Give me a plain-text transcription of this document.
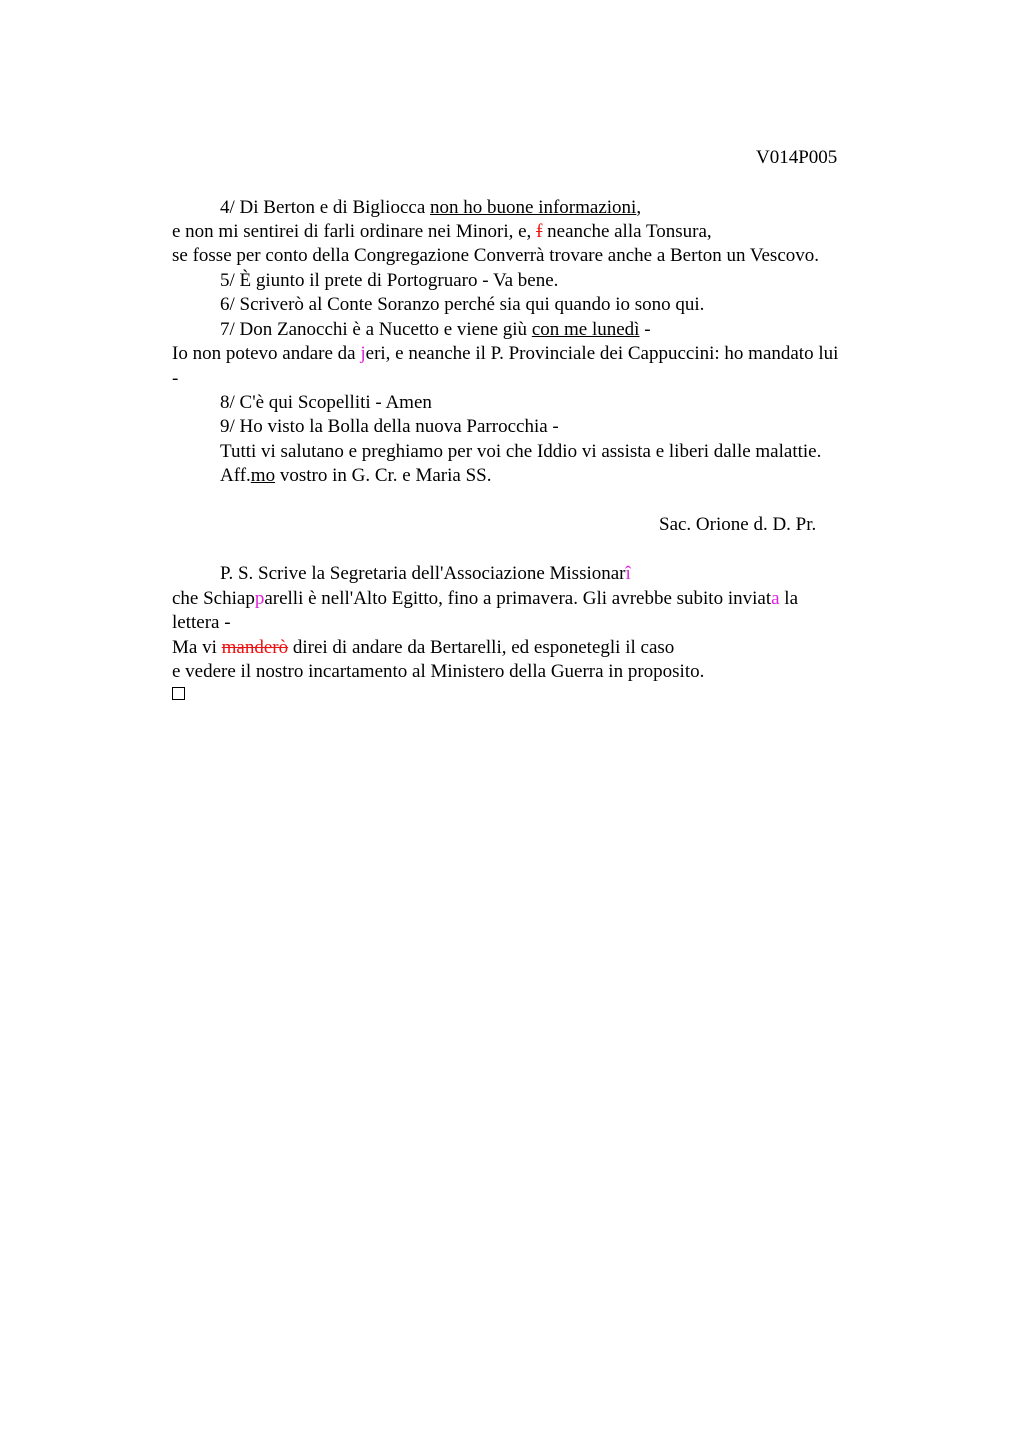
V014P005
4/ Di Berton e di Bigliocca non ho buone informazioni,
e non mi sentirei di farli ordinare nei Minori, e, f neanche alla Tonsura,
se fosse per conto della Congregazione Converrà trovare anche a Berton un Vescovo.
5/ È giunto il prete di Portogruaro - Va bene.
6/ Scriverò al Conte Soranzo perché sia qui quando io sono qui.
7/ Don Zanocchi è a Nucetto e viene giù con me lunedì -
Io non potevo andare da jeri, e neanche il P. Provinciale dei Cappuccini: ho mandato lui
-
8/ C'è qui Scopelliti - Amen
9/ Ho visto la Bolla della nuova Parrocchia -
Tutti vi salutano e preghiamo per voi che Iddio vi assista e liberi dalle malattie.
Aff.mo vostro in G. Cr. e Maria SS.
Sac. Orione d. D. Pr.
P. S. Scrive la Segretaria dell'Associazione Missionarî
che Schiapparelli è nell'Alto Egitto, fino a primavera. Gli avrebbe subito inviata la
lettera -
Ma vi manderò direi di andare da Bertarelli, ed esponetegli il caso
e vedere il nostro incartamento al Ministero della Guerra in proposito.
